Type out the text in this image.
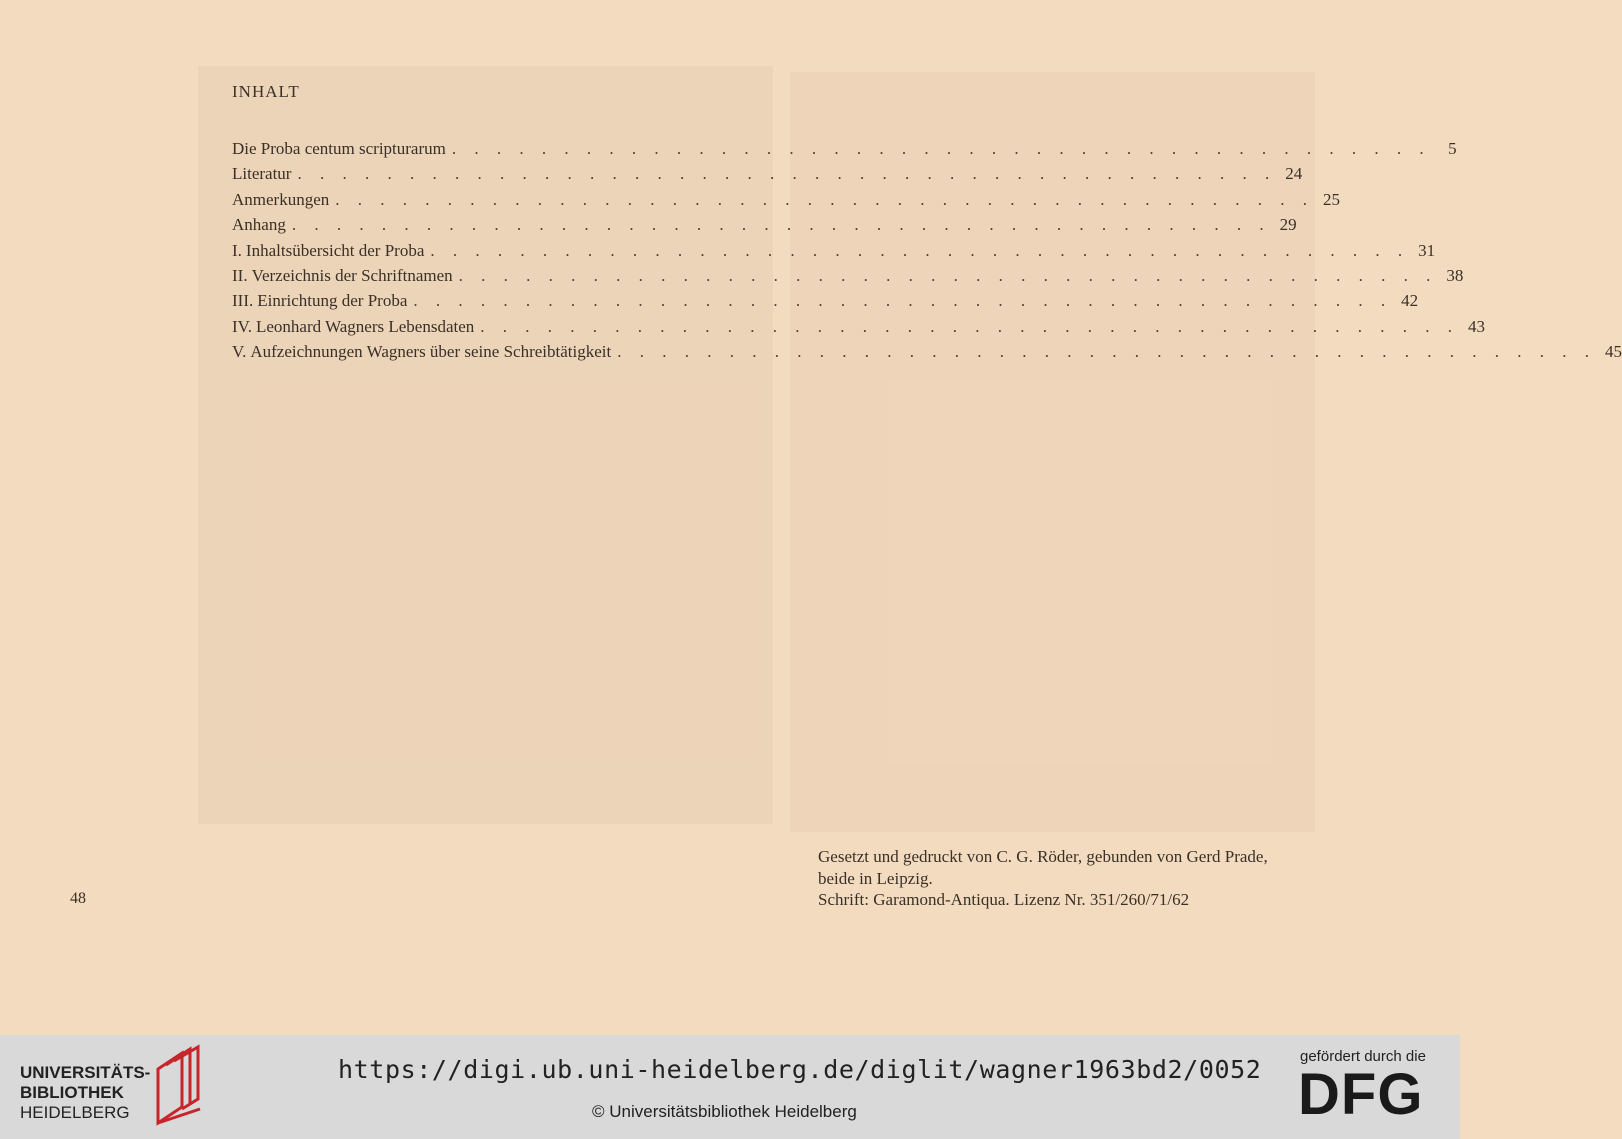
INHALT
Die Proba centum scripturarum . . . . . . . . . . . . . . . . . . . . . . . . . . . . . . . . . . . . . . . . . . . .	5
Literatur . . . . . . . . . . . . . . . . . . . . . . . . . . . . . . . . . . . . . . . . . . . . 24
Anmerkungen . . . . . . . . . . . . . . . . . . . . . . . . . . . . . . . . . . . . . . . . . . . . 25
Anhang . . . . . . . . . . . . . . . . . . . . . . . . . . . . . . . . . . . . . . . . . . . . 29
I. Inhaltsübersicht der Proba . . . . . . . . . . . . . . . . . . . . . . . . . . . . . . . . . . . . . . . . . . . . 31
II. Verzeichnis der Schriftnamen . . . . . . . . . . . . . . . . . . . . . . . . . . . . . . . . . . . . . . . . . . . . 38
III. Einrichtung der Proba . . . . . . . . . . . . . . . . . . . . . . . . . . . . . . . . . . . . . . . . . . . . 42
IV. Leonhard Wagners Lebensdaten . . . . . . . . . . . . . . . . . . . . . . . . . . . . . . . . . . . . . . . . . . . . 43
V. Aufzeichnungen Wagners über seine Schreibtätigkeit . . . . . . . . . . . . . . . . . . . . . . . . . . . . . . . . . . . . . . . . . . . . 45
48
Gesetzt und gedruckt von C. G. Röder, gebunden von Gerd Prade,
beide in Leipzig.
Schrift: Garamond-Antiqua. Lizenz Nr. 351/260/71/62
UNIVERSITÄTS-
BIBLIOTHEK
HEIDELBERG
gefördert durch die
DFG
https://digi.ub.uni-heidelberg.de/diglit/wagner1963bd2/0052
© Universitätsbibliothek Heidelberg
